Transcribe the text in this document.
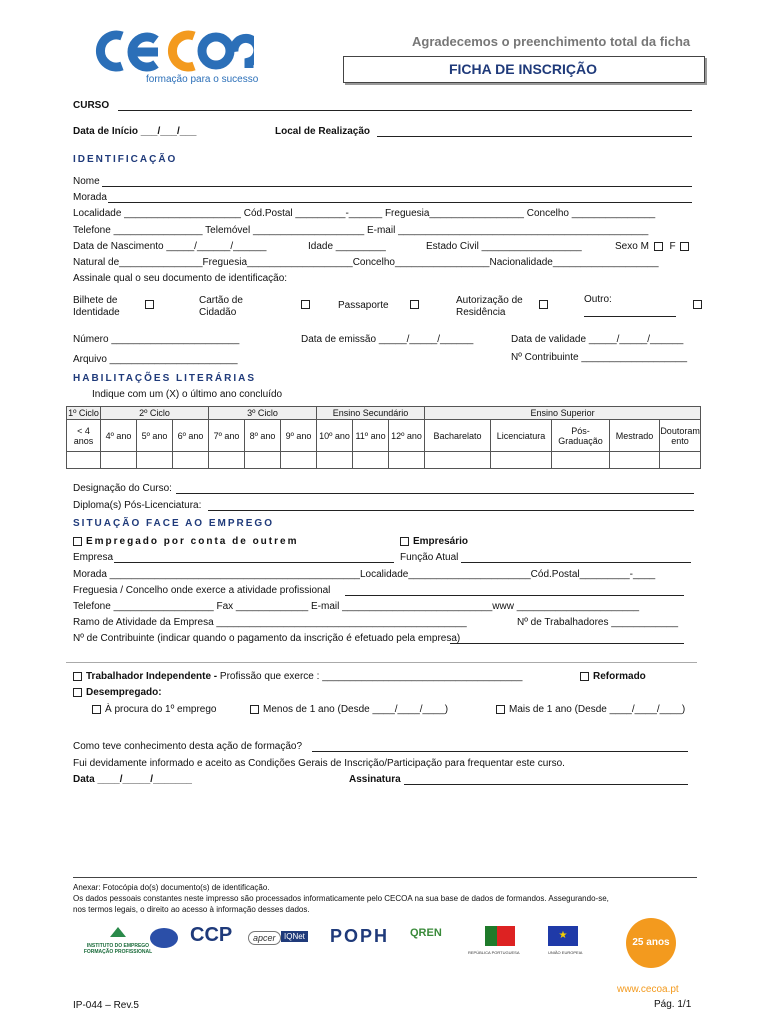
formação para o sucesso
Agradecemos o preenchimento total da ficha
FICHA DE INSCRIÇÃO
CURSO
Data de Início ___/___/___	Local de Realização
IDENTIFICAÇÃO
Nome
Morada
Localidade _____________________ Cód.Postal _________-______ Freguesia_________________ Concelho _______________
Telefone ________________ Telemóvel ____________________ E-mail _____________________________________________
Data de Nascimento _____/______/______	Idade _________	Estado Civil __________________	Sexo M F
Natural de_______________Freguesia___________________Concelho_________________Nacionalidade___________________
Assinale qual o seu documento de identificação:
Bilhete de Identidade
Cartão de Cidadão
Passaporte	Autorização de Residência
Outro:
Número _______________________	Data de emissão _____/_____/______	Data de validade _____/_____/______
Arquivo _______________________	Nº Contribuinte ___________________
HABILITAÇÕES LITERÁRIAS
Indique com um (X) o último ano concluído
1º Ciclo	2º Ciclo			3º Ciclo			Ensino Secundário			Ensino Superior				
< 4 anos	4º ano	5º ano	6º ano	7º ano	8º ano	9º ano	10º ano	11º ano	12º ano	Bacharelato	Licenciatura	Pós-Graduação	Mestrado	Doutoramento

Designação do Curso:
Diploma(s) Pós-Licenciatura:
SITUAÇÃO FACE AO EMPREGO
Empregado por conta de outrem	Empresário
Empresa	Função Atual
Morada _____________________________________________Localidade______________________Cód.Postal_________-____
Freguesia / Concelho onde exerce a atividade profissional
Telefone __________________ Fax _____________ E-mail ___________________________www ______________________
Ramo de Atividade da Empresa _____________________________________________	Nº de Trabalhadores ____________
Nº de Contribuinte (indicar quando o pagamento da inscrição é efetuado pela empresa)
Trabalhador Independente - Profissão que exerce : ____________________________________	Reformado
Desempregado:
À procura do 1º emprego	Menos de 1 ano (Desde ____/____/____)	Mais de 1 ano (Desde ____/____/____)
Como teve conhecimento desta ação de formação?
Fui devidamente informado e aceito as Condições Gerais de Inscrição/Participação para frequentar este curso.
Data ____/_____/_______	Assinatura
Anexar: Fotocópia do(s) documento(s) de identificação.
Os dados pessoais constantes neste impresso são processados informaticamente pelo CECOA na sua base de dados de formandos. Assegurando-se,
nos termos legais, o direito ao acesso à informação desses dados.
INSTITUTO DO EMPREGO FORMAÇÃO PROFISSIONAL
CCP	apcer	IQNet POPH QREN
REPÚBLICA PORTUGUESA
★
UNIÃO EUROPEIA
25 anos
IP-044 – Rev.5
www.cecoa.pt
Pág. 1/1
